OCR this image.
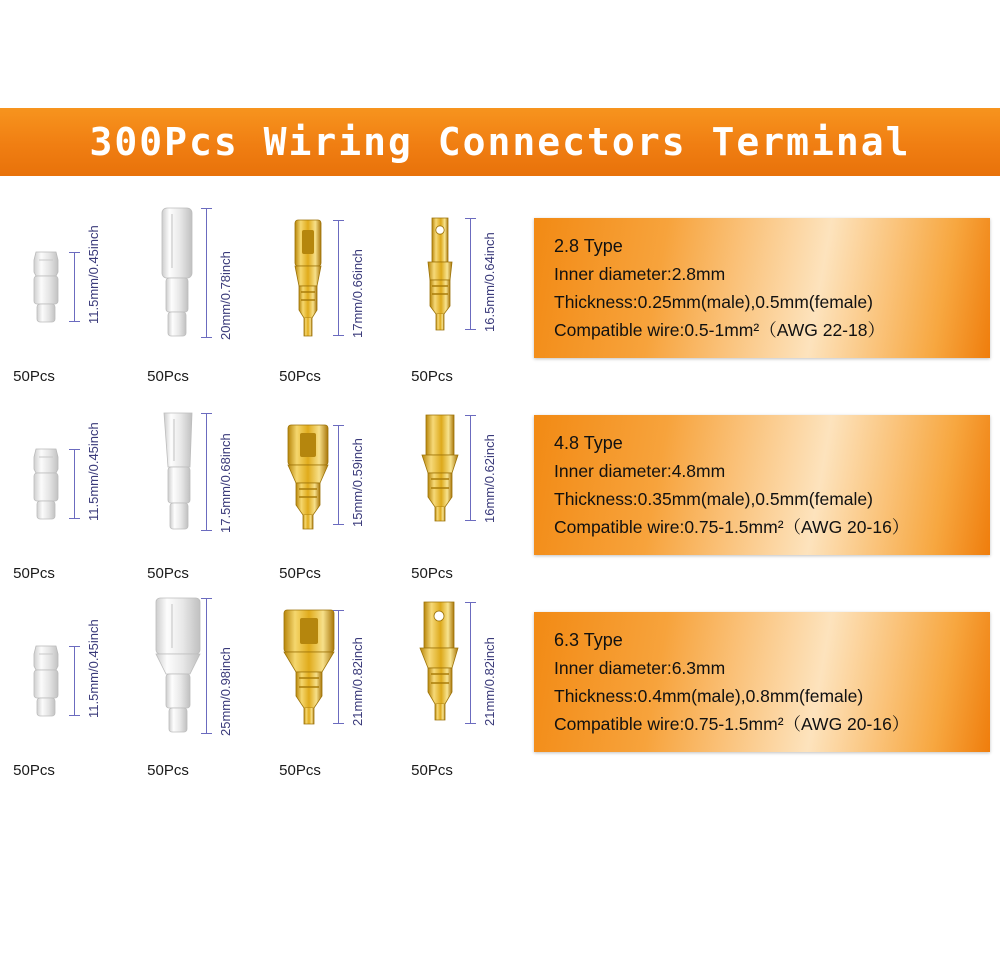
300Pcs Wiring Connectors Terminal
11.5mm/0.45inch
50Pcs
20mm/0.78inch
50Pcs
17mm/0.66inch
50Pcs
16.5mm/0.64inch
50Pcs
2.8 Type
Inner diameter:2.8mm
Thickness:0.25mm(male),0.5mm(female)
Compatible wire:0.5-1mm²（AWG 22-18）
11.5mm/0.45inch
50Pcs
17.5mm/0.68inch
50Pcs
15mm/0.59inch
50Pcs
16mm/0.62inch
50Pcs
4.8 Type
Inner diameter:4.8mm
Thickness:0.35mm(male),0.5mm(female)
Compatible wire:0.75-1.5mm²（AWG 20-16）
11.5mm/0.45inch
50Pcs
25mm/0.98inch
50Pcs
21mm/0.82inch
50Pcs
21mm/0.82inch
50Pcs
6.3 Type
Inner diameter:6.3mm
Thickness:0.4mm(male),0.8mm(female)
Compatible wire:0.75-1.5mm²（AWG 20-16）
